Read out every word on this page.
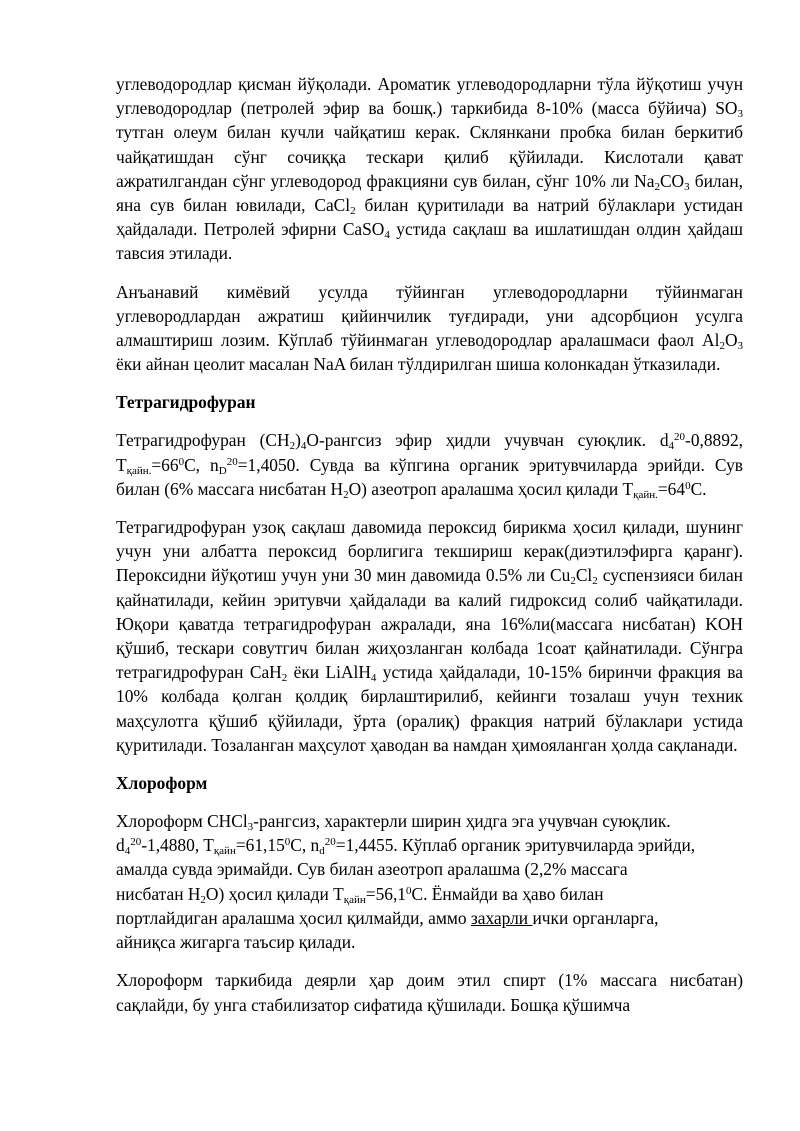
углеводородлар қисман йўқолади. Ароматик углеводородларни тўла йўқотиш учун углеводородлар (петролей эфир ва бошқ.) таркибида 8-10% (масса бўйича) $SO_3$ тутган олеум билан кучли чайқатиш керак. Склянкани пробка билан беркитиб чайқатишдан сўнг сочиққа тескари қилиб қўйилади. Кислотали қават ажратилгандан сўнг углеводород фракцияни сув билан, сўнг 10% ли $Na_2CO_3$ билан, яна сув билан ювилади, CaCl$_2$ билан қуритилади ва натрий бўлаклари устидан ҳайдалади. Петролей эфирни CaSO$_4$ устида сақлаш ва ишлатишдан олдин ҳайдаш тавсия этилади.

Анъанавий кимёвий усулда тўйинган углеводородларни тўйинмаган углевородлардан ажратиш қийинчилик туғдиради, уни адсорбцион усулга алмаштириш лозим. Кўплаб тўйинмаган углеводородлар аралашмаси фаол $Al_2O_3$ ёки айнан цеолит масалан NaA билан тўлдирилган шиша колонкадан ўтказилади.

Тетрагидрофуран

Тетрагидрофуран $(CH_2)_4O$-рангсиз эфир ҳидли учувчан суюқлик. $d_4^{20}-0,8892$, $T_{қайн.}=66^0C$, $n_D^{20}=1,4050$. Сувда ва кўпгина органик эритувчиларда эрийди. Сув билан (6% массага нисбатан $H_2O$) азеотроп аралашма ҳосил қилади $T_{қайн.}=64^0C$.

Тетрагидрофуран узоқ сақлаш давомида пероксид бирикма ҳосил қилади, шунинг учун уни албатта пероксид борлигига текшириш керак(диэтилэфирга қаранг). Пероксидни йўқотиш учун уни 30 мин давомида 0.5% ли $Cu_2Cl_2$ суспензияси билан қайнатилади, кейин эритувчи ҳайдалади ва калий гидроксид солиб чайқатилади. Юқори қаватда тетрагидрофуран ажралади, яна 16%ли(массага нисбатан) KOH қўшиб, тескари совутгич билан жиҳозланган колбада 1соат қайнатилади. Сўнгра тетрагидрофуран CaH$_2$ ёки LiAlH$_4$ устида ҳайдалади, 10-15% биринчи фракция ва 10% колбада қолган қолдиқ бирлаштирилиб, кейинги тозалаш учун техник маҳсулотга қўшиб қўйилади, ўрта (оралиқ) фракция натрий бўлаклари устида қуритилади. Тозаланган маҳсулот ҳаводан ва намдан ҳимояланган ҳолда сақланади.

Хлороформ

Хлороформ CHCl$_3$-рангсиз, характерли ширин ҳидга эга учувчан суюқлик.
$d_4^{20}-1,4880$, $T_{қайн}=61,15^0C$, $n_d^{20}=1,4455$. Кўплаб органик эритувчиларда эрийди,
амалда сувда эримайди. Сув билан азеотроп аралашма (2,2% массага
нисбатан $H_2O$) ҳосил қилади $T_{қайн}=56,1^0C$. Ёнмайди ва ҳаво билан
портлайдиган аралашма ҳосил қилмайди, аммо захарли ички органларга,
айниқса жигарга таъсир қилади.

Хлороформ таркибида деярли ҳар доим этил спирт (1% массага нисбатан) сақлайди, бу унга стабилизатор сифатида қўшилади. Бошқа қўшимча
